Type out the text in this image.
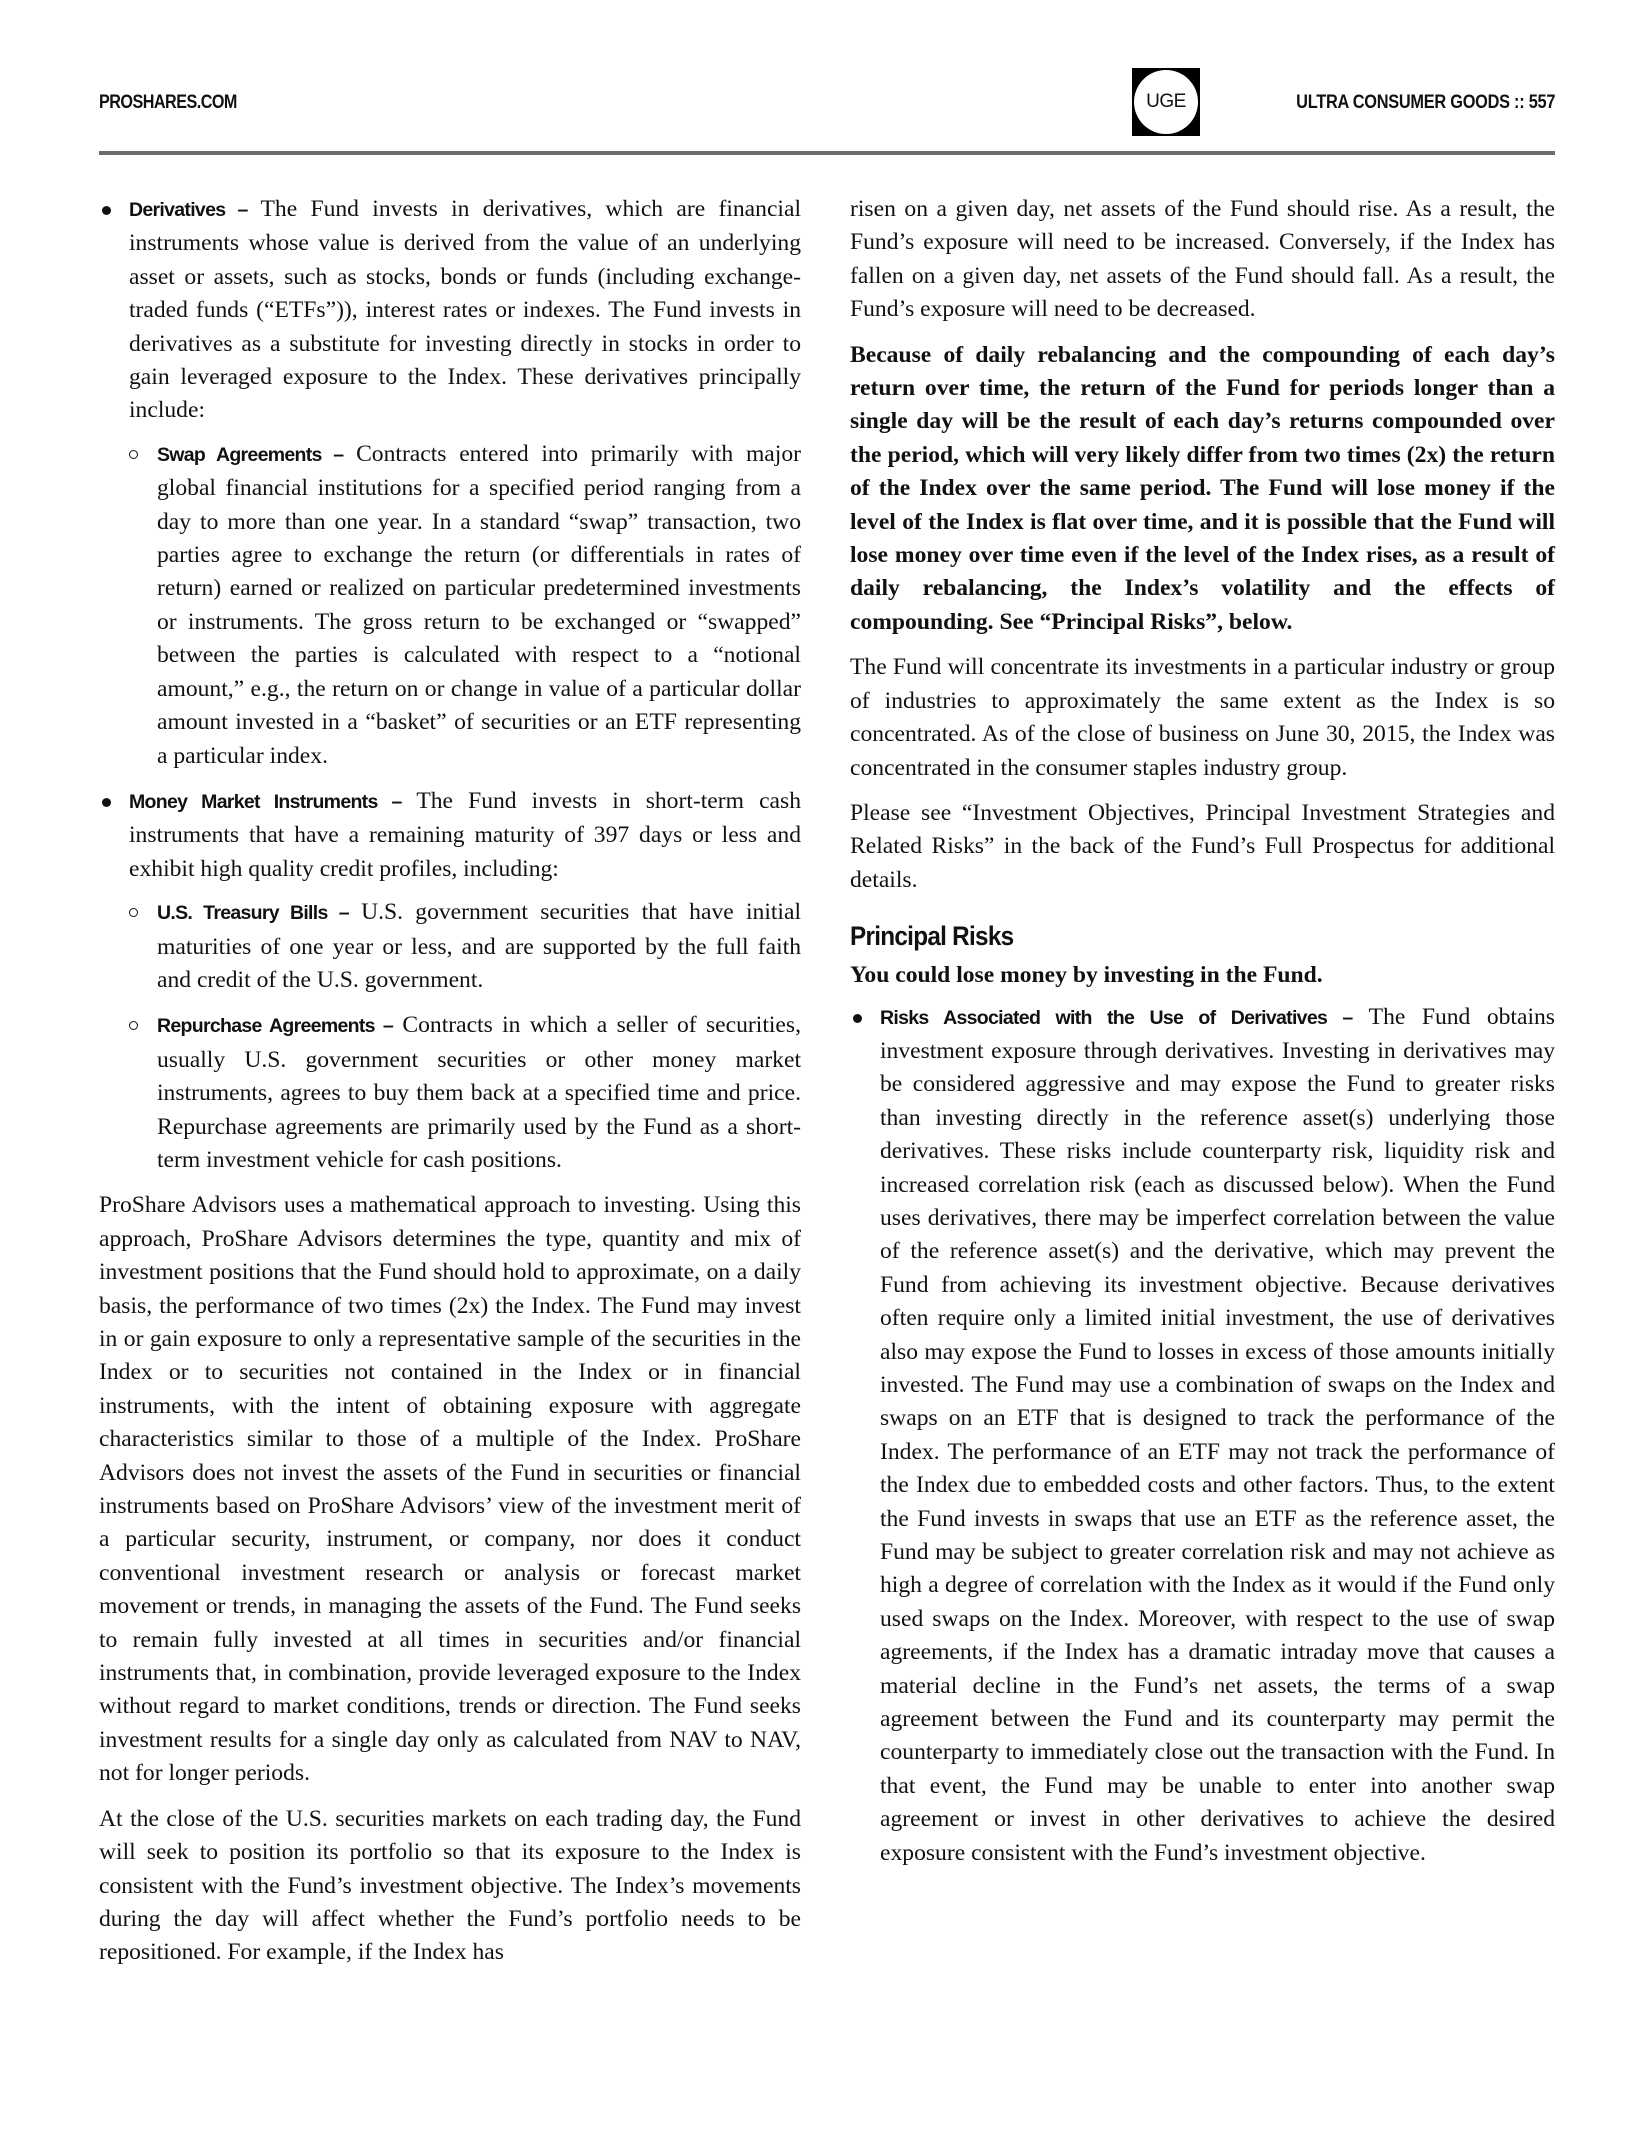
PROSHARES.COM	UGE	ULTRA CONSUMER GOODS :: 557
Derivatives – The Fund invests in derivatives, which are financial instruments whose value is derived from the value of an underlying asset or assets, such as stocks, bonds or funds (including exchange-traded funds (“ETFs”)), interest rates or indexes. The Fund invests in derivatives as a substitute for investing directly in stocks in order to gain leveraged exposure to the Index. These derivatives principally include:
Swap Agreements – Contracts entered into primarily with major global financial institutions for a specified period ranging from a day to more than one year. In a standard “swap” transaction, two parties agree to exchange the return (or differentials in rates of return) earned or realized on particular predetermined investments or instruments. The gross return to be exchanged or “swapped” between the parties is calculated with respect to a “notional amount,” e.g., the return on or change in value of a particular dollar amount invested in a “basket” of securities or an ETF representing a particular index.
Money Market Instruments – The Fund invests in short-term cash instruments that have a remaining maturity of 397 days or less and exhibit high quality credit profiles, including:
U.S. Treasury Bills – U.S. government securities that have initial maturities of one year or less, and are supported by the full faith and credit of the U.S. government.
Repurchase Agreements – Contracts in which a seller of securities, usually U.S. government securities or other money market instruments, agrees to buy them back at a specified time and price. Repurchase agreements are primarily used by the Fund as a short-term investment vehicle for cash positions.

ProShare Advisors uses a mathematical approach to investing. Using this approach, ProShare Advisors determines the type, quantity and mix of investment positions that the Fund should hold to approximate, on a daily basis, the performance of two times (2x) the Index. The Fund may invest in or gain exposure to only a representative sample of the securities in the Index or to securities not contained in the Index or in financial instruments, with the intent of obtaining exposure with aggregate characteristics similar to those of a multiple of the Index. ProShare Advisors does not invest the assets of the Fund in securities or financial instruments based on ProShare Advisors’ view of the investment merit of a particular security, instrument, or company, nor does it conduct conventional investment research or analysis or forecast market movement or trends, in managing the assets of the Fund. The Fund seeks to remain fully invested at all times in securities and/or financial instruments that, in combination, provide leveraged exposure to the Index without regard to market conditions, trends or direction. The Fund seeks investment results for a single day only as calculated from NAV to NAV, not for longer periods.

At the close of the U.S. securities markets on each trading day, the Fund will seek to position its portfolio so that its exposure to the Index is consistent with the Fund’s investment objective. The Index’s movements during the day will affect whether the Fund’s portfolio needs to be repositioned. For example, if the Index has

risen on a given day, net assets of the Fund should rise. As a result, the Fund’s exposure will need to be increased. Conversely, if the Index has fallen on a given day, net assets of the Fund should fall. As a result, the Fund’s exposure will need to be decreased.

Because of daily rebalancing and the compounding of each day’s return over time, the return of the Fund for periods longer than a single day will be the result of each day’s returns compounded over the period, which will very likely differ from two times (2x) the return of the Index over the same period. The Fund will lose money if the level of the Index is flat over time, and it is possible that the Fund will lose money over time even if the level of the Index rises, as a result of daily rebalancing, the Index’s volatility and the effects of compounding. See “Principal Risks”, below.

The Fund will concentrate its investments in a particular industry or group of industries to approximately the same extent as the Index is so concentrated. As of the close of business on June 30, 2015, the Index was concentrated in the consumer staples industry group.

Please see “Investment Objectives, Principal Investment Strategies and Related Risks” in the back of the Fund’s Full Prospectus for additional details.

Principal Risks

You could lose money by investing in the Fund.

Risks Associated with the Use of Derivatives – The Fund obtains investment exposure through derivatives. Investing in derivatives may be considered aggressive and may expose the Fund to greater risks than investing directly in the reference asset(s) underlying those derivatives. These risks include counterparty risk, liquidity risk and increased correlation risk (each as discussed below). When the Fund uses derivatives, there may be imperfect correlation between the value of the reference asset(s) and the derivative, which may prevent the Fund from achieving its investment objective. Because derivatives often require only a limited initial investment, the use of derivatives also may expose the Fund to losses in excess of those amounts initially invested. The Fund may use a combination of swaps on the Index and swaps on an ETF that is designed to track the performance of the Index. The performance of an ETF may not track the performance of the Index due to embedded costs and other factors. Thus, to the extent the Fund invests in swaps that use an ETF as the reference asset, the Fund may be subject to greater correlation risk and may not achieve as high a degree of correlation with the Index as it would if the Fund only used swaps on the Index. Moreover, with respect to the use of swap agreements, if the Index has a dramatic intraday move that causes a material decline in the Fund’s net assets, the terms of a swap agreement between the Fund and its counterparty may permit the counterparty to immediately close out the transaction with the Fund. In that event, the Fund may be unable to enter into another swap agreement or invest in other derivatives to achieve the desired exposure consistent with the Fund’s investment objective.
